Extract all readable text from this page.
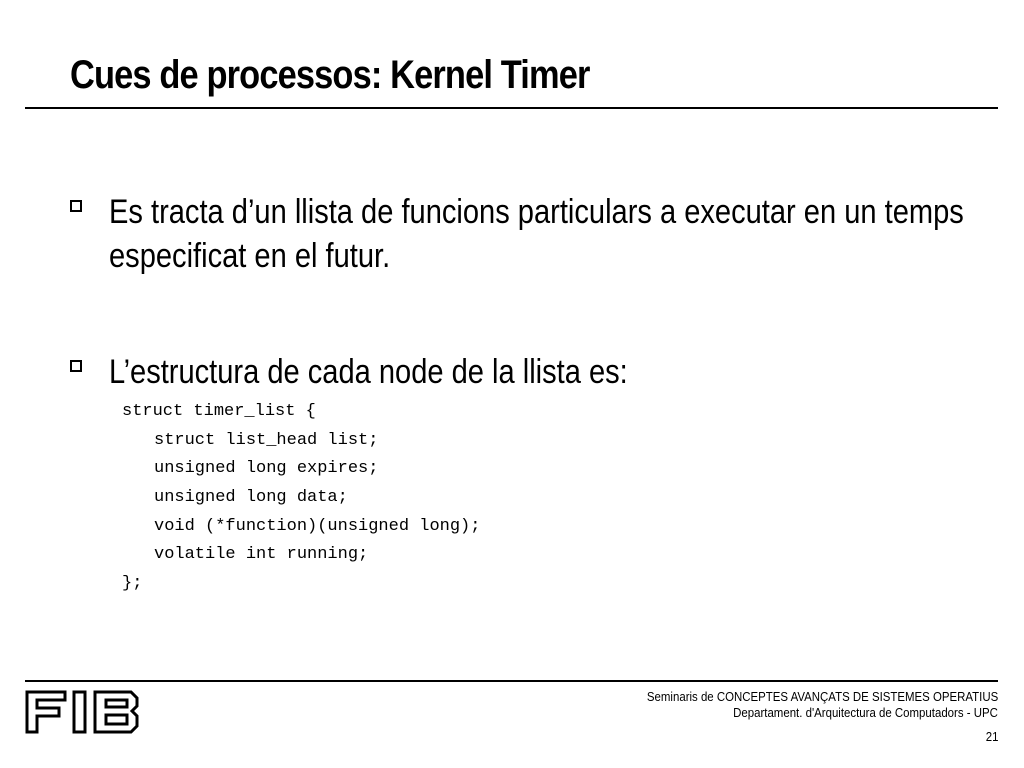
Cues de processos: Kernel Timer
Es tracta d’un llista de funcions particulars a executar en un temps especificat en el futur.
L’estructura de cada node de la llista es:
struct timer_list {
struct list_head list;
unsigned long expires;
unsigned long data;
void (*function)(unsigned long);
volatile int running;
};
Seminaris de CONCEPTES AVANÇATS DE SISTEMES OPERATIUS
Departament. d'Arquitectura de Computadors - UPC
21
